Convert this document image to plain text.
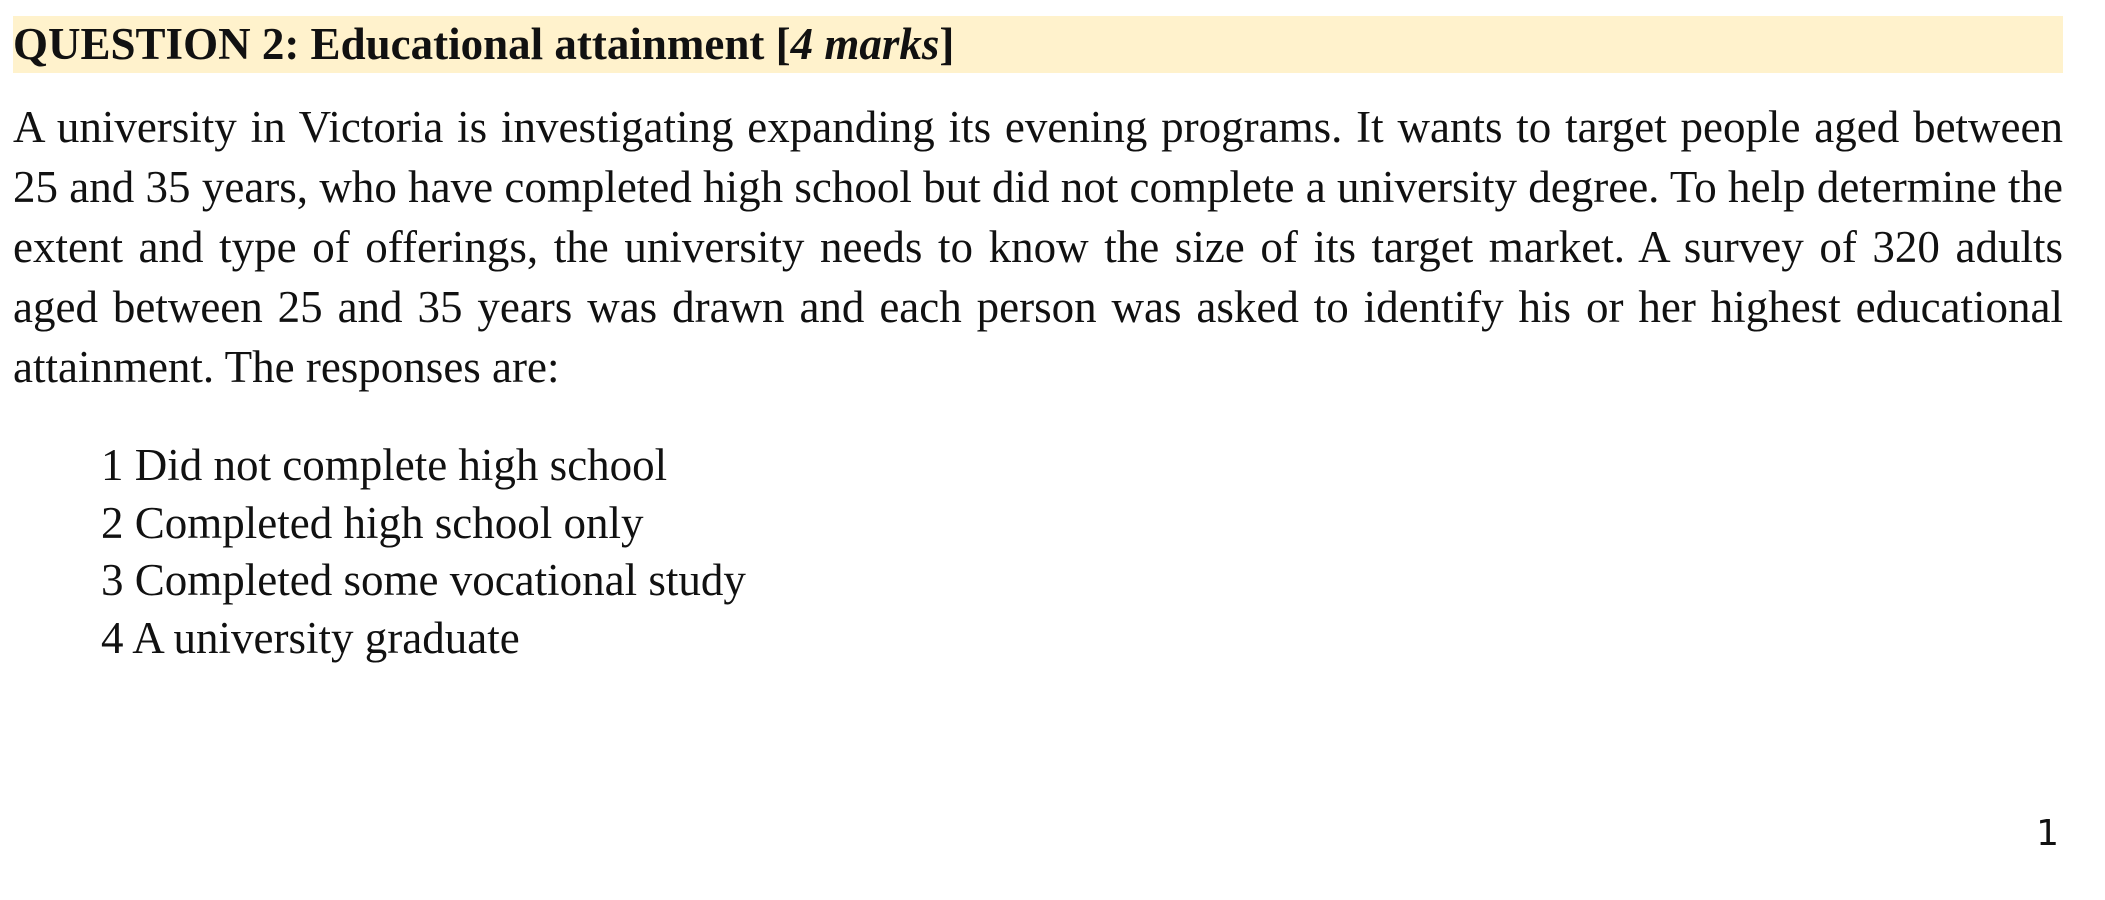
QUESTION 2: Educational attainment [4 marks]
A university in Victoria is investigating expanding its evening programs. It wants to target people aged between 25 and 35 years, who have completed high school but did not complete a university degree. To help determine the extent and type of offerings, the university needs to know the size of its target market. A survey of 320 adults aged between 25 and 35 years was drawn and each person was asked to identify his or her highest educational attainment. The responses are:
1 Did not complete high school
2 Completed high school only
3 Completed some vocational study
4 A university graduate
1
